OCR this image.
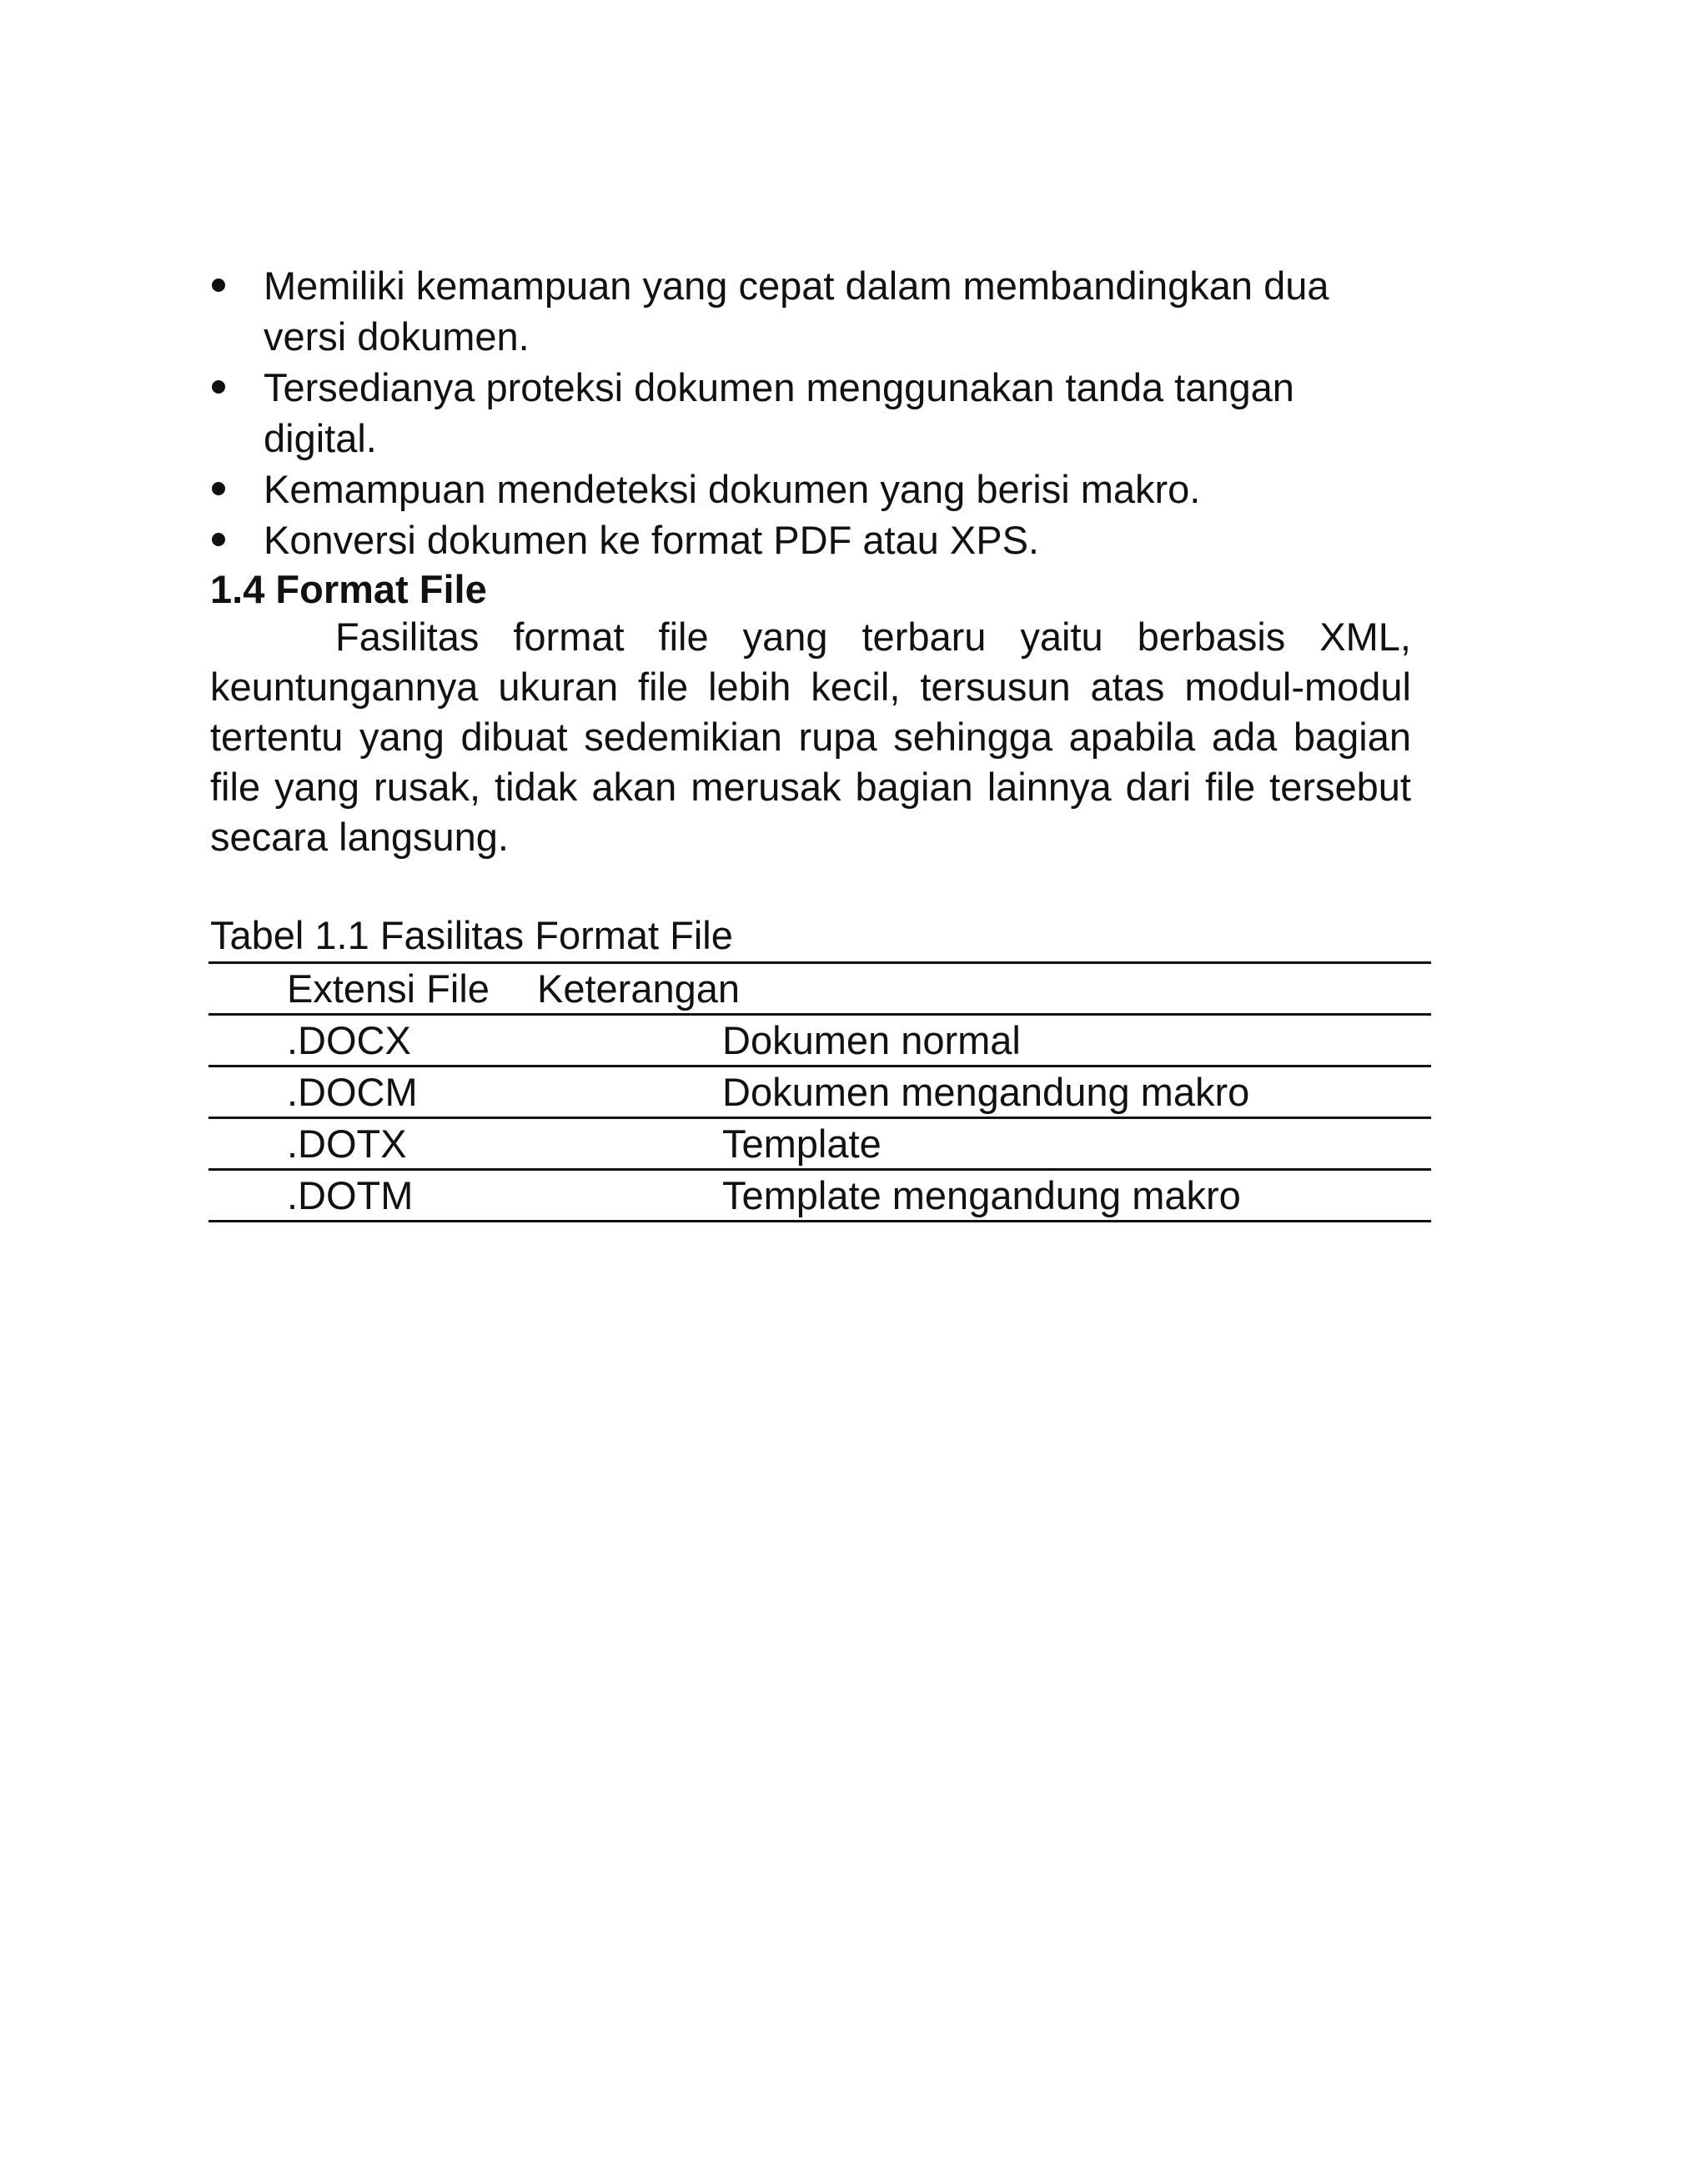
Memiliki kemampuan yang cepat dalam membandingkan dua versi dokumen.
Tersedianya proteksi dokumen menggunakan tanda tangan digital.
Kemampuan mendeteksi dokumen yang berisi makro.
Konversi dokumen ke format PDF atau XPS.
1.4 Format File

Fasilitas format file yang terbaru yaitu berbasis XML, keuntungannya ukuran file lebih kecil, tersusun atas modul-modul tertentu yang dibuat sedemikian rupa sehingga apabila ada bagian file yang rusak, tidak akan merusak bagian lainnya dari file tersebut secara langsung.

Tabel 1.1 Fasilitas Format File

Extensi File	Keterangan
.DOCX	Dokumen normal
.DOCM	Dokumen mengandung makro
.DOTX	Template
.DOTM	Template mengandung makro
